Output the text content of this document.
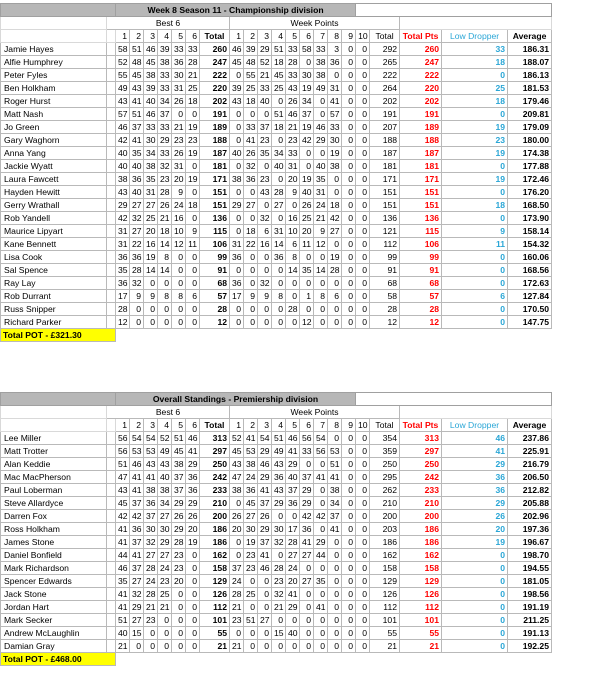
		Week 8 Season 11 - Championship division																				
	Best 6								Week Points													
		1	2	3	4	5	6	Total	1	2	3	4	5	6	7	8	9	10	Total	Total Pts	Low Dropper	Average
Jamie Hayes		58	51	46	39	33	33	260	46	39	29	51	33	58	33	3	0	0	292	260	33	186.31
Alfie Humphrey		52	48	45	38	36	28	247	45	48	52	18	28	0	38	36	0	0	265	247	18	188.07
Peter Fyles		55	45	38	33	30	21	222	0	55	21	45	33	30	38	0	0	0	222	222	0	186.13
Ben Holkham		49	43	39	33	31	25	220	39	25	33	25	43	19	49	31	0	0	264	220	25	181.53
Roger Hurst		43	41	40	34	26	18	202	43	18	40	0	26	34	0	41	0	0	202	202	18	179.46
Matt Nash		57	51	46	37	0	0	191	0	0	0	51	46	37	0	57	0	0	191	191	0	209.81
Jo Green		46	37	33	33	21	19	189	0	33	37	18	21	19	46	33	0	0	207	189	19	179.09
Gary Waghorn		42	41	30	29	23	23	188	0	41	23	0	23	42	29	30	0	0	188	188	23	180.00
Anna Yang		40	35	34	33	26	19	187	40	26	35	34	33	0	0	19	0	0	187	187	19	174.38
Jackie Wyatt		40	40	38	32	31	0	181	0	32	0	40	31	0	40	38	0	0	181	181	0	177.88
Laura Fawcett		38	36	35	23	20	19	171	38	36	23	0	20	19	35	0	0	0	171	171	19	172.46
Hayden Hewitt		43	40	31	28	9	0	151	0	0	43	28	9	40	31	0	0	0	151	151	0	176.20
Gerry Wrathall		29	27	27	26	24	18	151	29	27	0	27	0	26	24	18	0	0	151	151	18	168.50
Rob Yandell		42	32	25	21	16	0	136	0	0	32	0	16	25	21	42	0	0	136	136	0	173.90
Maurice Lipyart		31	27	20	18	10	9	115	0	18	6	31	10	20	9	27	0	0	121	115	9	158.14
Kane Bennett		31	22	16	14	12	11	106	31	22	16	14	6	11	12	0	0	0	112	106	11	154.32
Lisa Cook		36	36	19	8	0	0	99	36	0	0	36	8	0	0	19	0	0	99	99	0	160.06
Sal Spence		35	28	14	14	0	0	91	0	0	0	0	14	35	14	28	0	0	91	91	0	168.56
Ray Lay		36	32	0	0	0	0	68	36	0	32	0	0	0	0	0	0	0	68	68	0	172.63
Rob Durrant		17	9	9	8	8	6	57	17	9	9	8	0	1	8	6	0	0	58	57	6	127.84
Russ Snipper		28	0	0	0	0	0	28	0	0	0	0	28	0	0	0	0	0	28	28	0	170.50
Richard Parker		12	0	0	0	0	0	12	0	0	0	0	0	12	0	0	0	0	12	12	0	147.75
Total POT - £321.30																						
		Overall Standings - Premiership division																				
	Best 6								Week Points													
		1	2	3	4	5	6	Total	1	2	3	4	5	6	7	8	9	10	Total	Total Pts	Low Dropper	Average
Lee Miller		56	54	54	52	51	46	313	52	41	54	51	46	56	54	0	0	0	354	313	46	237.86
Matt Trotter		56	53	53	49	45	41	297	45	53	29	49	41	33	56	53	0	0	359	297	41	225.91
Alan Keddie		51	46	43	43	38	29	250	43	38	46	43	29	0	0	51	0	0	250	250	29	216.79
Mac MacPherson		47	41	41	40	37	36	242	47	24	29	36	40	37	41	41	0	0	295	242	36	206.50
Paul Loberman		43	41	38	38	37	36	233	38	36	41	43	37	29	0	38	0	0	262	233	36	212.82
Steve Allardyce		45	37	36	34	29	29	210	0	45	37	29	36	29	0	34	0	0	210	210	29	205.88
Darren Fox		42	42	37	27	26	26	200	26	27	26	0	0	42	42	37	0	0	200	200	26	202.96
Ross Holkham		41	36	30	30	29	20	186	20	30	29	30	17	36	0	41	0	0	203	186	20	197.36
James Stone		41	37	32	29	28	19	186	0	19	37	32	28	41	29	0	0	0	186	186	19	196.67
Daniel Bonfield		44	41	27	27	23	0	162	0	23	41	0	27	27	44	0	0	0	162	162	0	198.70
Mark Richardson		46	37	28	24	23	0	158	37	23	46	28	24	0	0	0	0	0	158	158	0	194.55
Spencer Edwards		35	27	24	23	20	0	129	24	0	0	23	20	27	35	0	0	0	129	129	0	181.05
Jack Stone		41	32	28	25	0	0	126	28	25	0	32	41	0	0	0	0	0	126	126	0	198.56
Jordan Hart		41	29	21	21	0	0	112	21	0	0	21	29	0	41	0	0	0	112	112	0	191.19
Mark Secker		51	27	23	0	0	0	101	23	51	27	0	0	0	0	0	0	0	101	101	0	211.25
Andrew McLaughlin		40	15	0	0	0	0	55	0	0	0	15	40	0	0	0	0	0	55	55	0	191.13
Damian Gray		21	0	0	0	0	0	21	21	0	0	0	0	0	0	0	0	0	21	21	0	192.25
Total POT - £468.00																						
